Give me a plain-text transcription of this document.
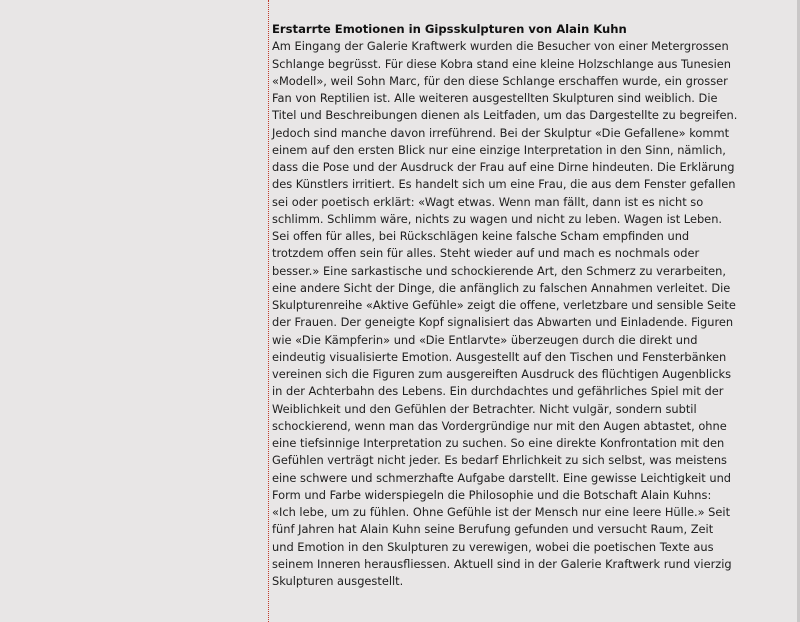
Erstarrte Emotionen in Gipsskulpturen von Alain Kuhn

Am Eingang der Galerie Kraftwerk wurden die Besucher von einer Metergrossen Schlange begrüsst. Für diese Kobra stand eine kleine Holzschlange aus Tunesien «Modell», weil Sohn Marc, für den diese Schlange erschaffen wurde, ein grosser Fan von Reptilien ist. Alle weiteren ausgestellten Skulpturen sind weiblich. Die Titel und Beschreibungen dienen als Leitfaden, um das Dargestellte zu begreifen. Jedoch sind manche davon irreführend. Bei der Skulptur «Die Gefallene» kommt einem auf den ersten Blick nur eine einzige Interpretation in den Sinn, nämlich, dass die Pose und der Ausdruck der Frau auf eine Dirne hindeuten. Die Erklärung des Künstlers irritiert. Es handelt sich um eine Frau, die aus dem Fenster gefallen sei oder poetisch erklärt: «Wagt etwas. Wenn man fällt, dann ist es nicht so schlimm. Schlimm wäre, nichts zu wagen und nicht zu leben. Wagen ist Leben. Sei offen für alles, bei Rückschlägen keine falsche Scham empfinden und trotzdem offen sein für alles. Steht wieder auf und mach es nochmals oder besser.» Eine sarkastische und schockierende Art, den Schmerz zu verarbeiten, eine andere Sicht der Dinge, die anfänglich zu falschen Annahmen verleitet. Die Skulpturenreihe «Aktive Gefühle» zeigt die offene, verletzbare und sensible Seite der Frauen. Der geneigte Kopf signalisiert das Abwarten und Einladende. Figuren wie «Die Kämpferin» und «Die Entlarvte» überzeugen durch die direkt und eindeutig visualisierte Emotion. Ausgestellt auf den Tischen und Fensterbänken vereinen sich die Figuren zum ausgereiften Ausdruck des flüchtigen Augenblicks in der Achterbahn des Lebens. Ein durchdachtes und gefährliches Spiel mit der Weiblichkeit und den Gefühlen der Betrachter. Nicht vulgär, sondern subtil schockierend, wenn man das Vordergründige nur mit den Augen abtastet, ohne eine tiefsinnige Interpretation zu suchen. So eine direkte Konfrontation mit den Gefühlen verträgt nicht jeder. Es bedarf Ehrlichkeit zu sich selbst, was meistens eine schwere und schmerzhafte Aufgabe darstellt. Eine gewisse Leichtigkeit und Form und Farbe widerspiegeln die Philosophie und die Botschaft Alain Kuhns: «Ich lebe, um zu fühlen. Ohne Gefühle ist der Mensch nur eine leere Hülle.» Seit fünf Jahren hat Alain Kuhn seine Berufung gefunden und versucht Raum, Zeit und Emotion in den Skulpturen zu verewigen, wobei die poetischen Texte aus seinem Inneren herausfliessen. Aktuell sind in der Galerie Kraftwerk rund vierzig Skulpturen ausgestellt.
